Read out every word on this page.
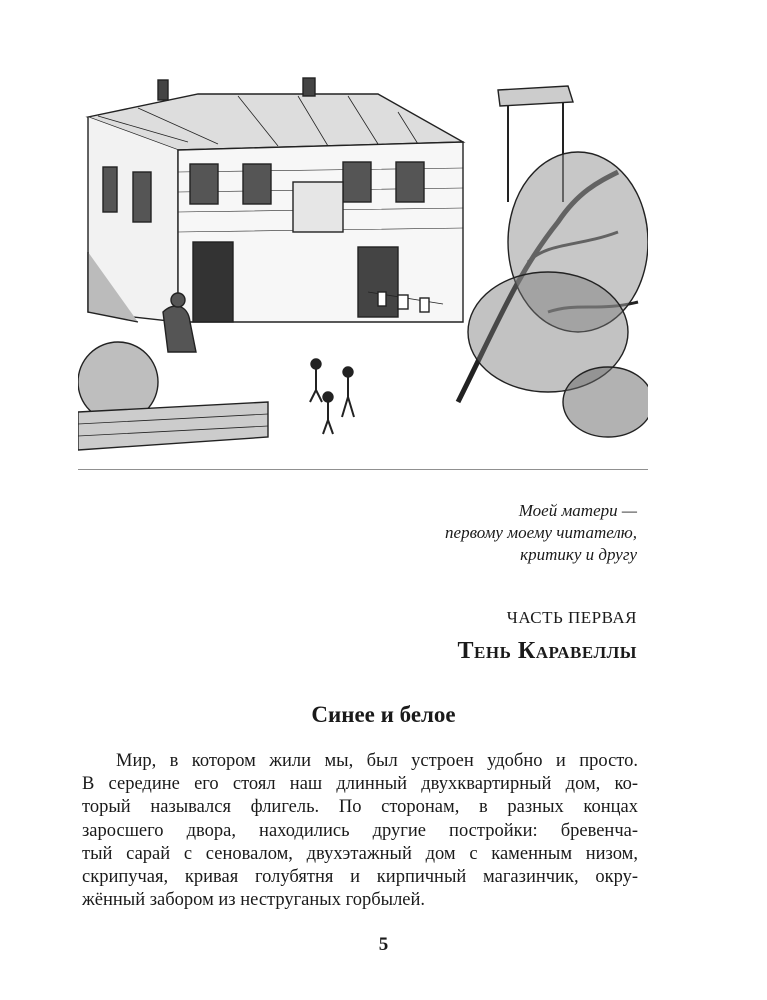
Моей матери —
первому моему читателю,
критику и другу
ЧАСТЬ ПЕРВАЯ
Тень Каравеллы
Синее и белое
Мир, в котором жили мы, был устроен удобно и просто.
В середине его стоял наш длинный двухквартирный дом, ко-
торый назывался флигель. По сторонам, в разных концах
заросшего двора, находились другие постройки: бревенча-
тый сарай с сеновалом, двухэтажный дом с каменным низом,
скрипучая, кривая голубятня и кирпичный магазинчик, окру-
жённый забором из неструганых горбылей.
5
